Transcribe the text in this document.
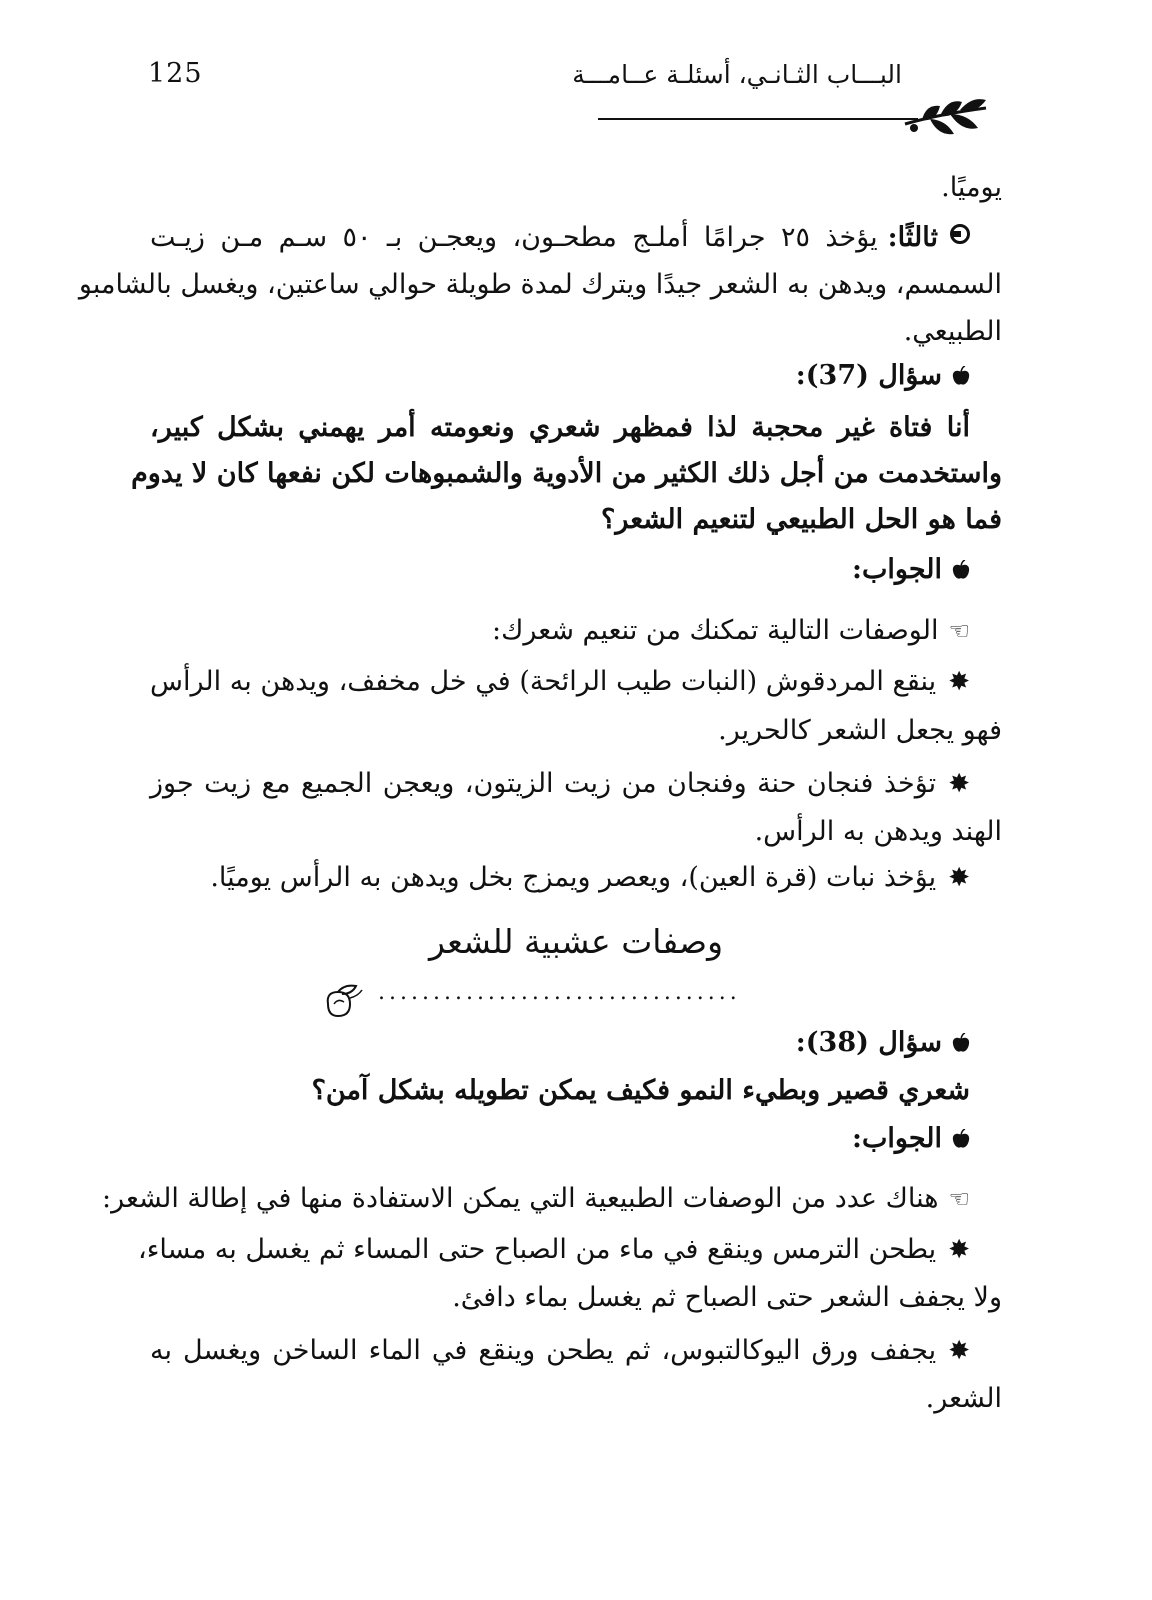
125	البـــاب الثـانـي، أسئلـة عــامـــة
يوميًا.
ثالثًا:يؤخذ ٢٥ جرامًا أملـج مطحـون، ويعجـن بـ ٥٠ سـم مـن زيـت
السمسم، ويدهن به الشعر جيدًا ويترك لمدة طويلة حوالي ساعتين، ويغسل بالشامبو
الطبيعي.
سؤال (37):
أنا فتاة غير محجبة لذا فمظهر شعري ونعومته أمر يهمني بشكل كبير،
واستخدمت من أجل ذلك الكثير من الأدوية والشمبوهات لكن نفعها كان لا يدوم
فما هو الحل الطبيعي لتنعيم الشعر؟
الجواب:
☜الوصفات التالية تمكنك من تنعيم شعرك:
✸ينقع المردقوش (النبات طيب الرائحة) في خل مخفف، ويدهن به الرأس
فهو يجعل الشعر كالحرير.
✸تؤخذ فنجان حنة وفنجان من زيت الزيتون، ويعجن الجميع مع زيت جوز
الهند ويدهن به الرأس.
✸يؤخذ نبات (قرة العين)، ويعصر ويمزج بخل ويدهن به الرأس يوميًا.
وصفات عشبية للشعر
.................................
سؤال (38):
شعري قصير وبطيء النمو فكيف يمكن تطويله بشكل آمن؟
الجواب:
☜هناك عدد من الوصفات الطبيعية التي يمكن الاستفادة منها في إطالة الشعر:
✸يطحن الترمس وينقع في ماء من الصباح حتى المساء ثم يغسل به مساء،
ولا يجفف الشعر حتى الصباح ثم يغسل بماء دافئ.
✸يجفف ورق اليوكالتبوس، ثم يطحن وينقع في الماء الساخن ويغسل به
الشعر.
